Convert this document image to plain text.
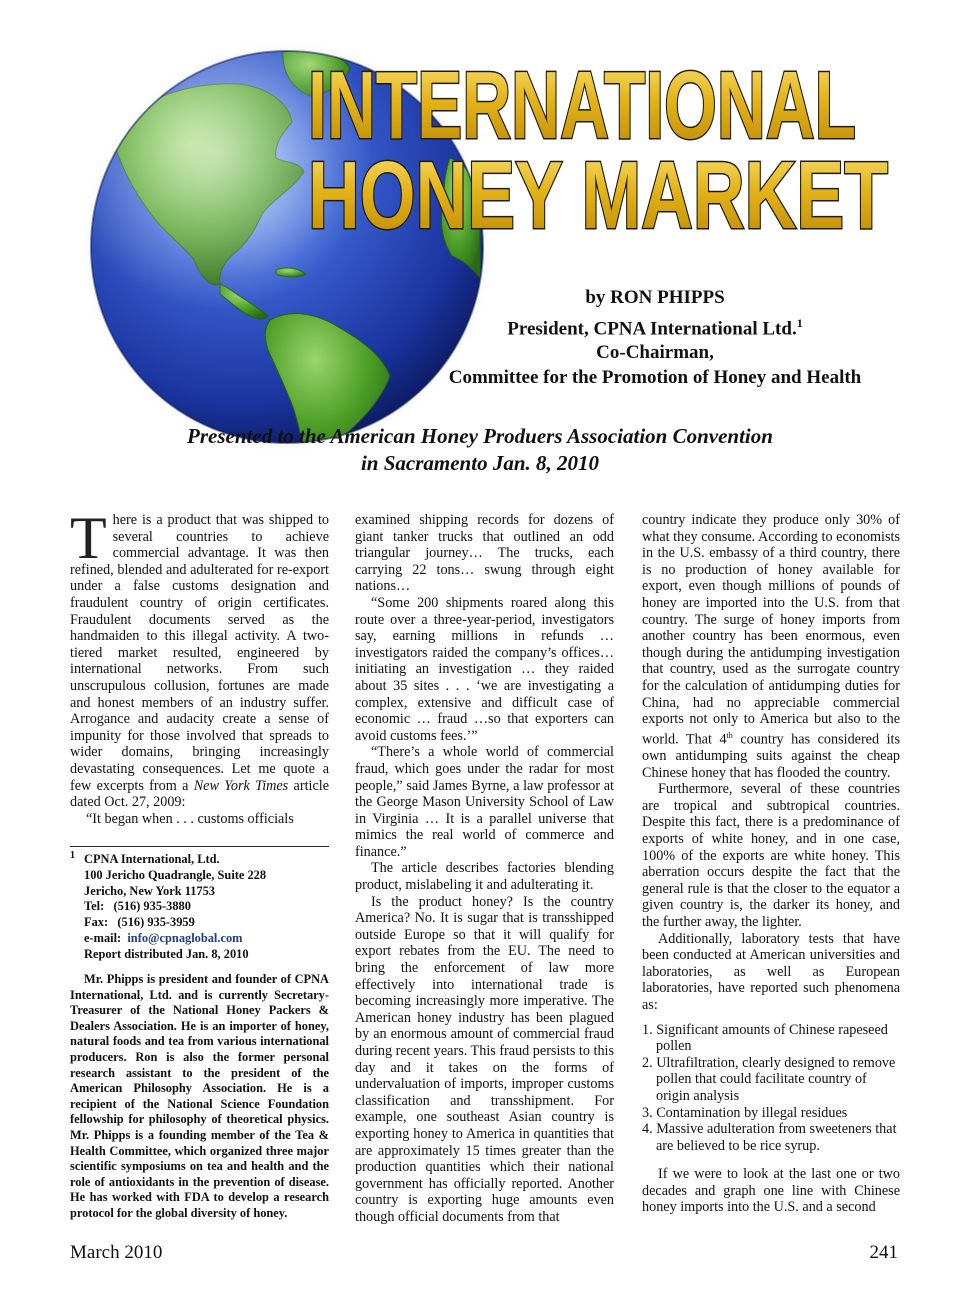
INTERNATIONAL
HONEY MARKET
by RON PHIPPS
President, CPNA International Ltd.$^1$
Co-Chairman,
Committee for the Promotion of Honey and Health
Presented to the American Honey Produers Association Convention
in Sacramento Jan. 8, 2010

There is a product that was shipped to several countries to achieve commercial advantage. It was then refined, blended and adulterated for re-export under a false customs designation and fraudulent country of origin certificates. Fraudulent documents served as the handmaiden to this illegal activity. A two-tiered market resulted, engineered by international networks. From such unscrupulous collusion, fortunes are made and honest members of an industry suffer. Arrogance and audacity create a sense of impunity for those involved that spreads to wider domains, bringing increasingly devastating consequences. Let me quote a few excerpts from a New York Times article dated Oct. 27, 2009:

“It began when . . . customs officials

1 CPNA International, Ltd.
100 Jericho Quadrangle, Suite 228
Jericho, New York 11753
Tel: (516) 935-3880
Fax: (516) 935-3959
e-mail: info@cpnaglobal.com
Report distributed Jan. 8, 2010

Mr. Phipps is president and founder of CPNA International, Ltd. and is currently Secretary-Treasurer of the National Honey Packers & Dealers Association. He is an importer of honey, natural foods and tea from various international producers. Ron is also the former personal research assistant to the president of the American Philosophy Association. He is a recipient of the National Science Foundation fellowship for philosophy of theoretical physics. Mr. Phipps is a founding member of the Tea & Health Committee, which organized three major scientific symposiums on tea and health and the role of antioxidants in the prevention of disease. He has worked with FDA to develop a research protocol for the global diversity of honey.

examined shipping records for dozens of giant tanker trucks that outlined an odd triangular journey… The trucks, each carrying 22 tons… swung through eight nations…

“Some 200 shipments roared along this route over a three-year-period, investigators say, earning millions in refunds …investigators raided the company’s offices… initiating an investigation … they raided about 35 sites . . . ‘we are investigating a complex, extensive and difficult case of economic … fraud …so that exporters can avoid customs fees.’”

“There’s a whole world of commercial fraud, which goes under the radar for most people,” said James Byrne, a law professor at the George Mason University School of Law in Virginia … It is a parallel universe that mimics the real world of commerce and finance.”

The article describes factories blending product, mislabeling it and adulterating it.

Is the product honey? Is the country America? No. It is sugar that is transshipped outside Europe so that it will qualify for export rebates from the EU. The need to bring the enforcement of law more effectively into international trade is becoming increasingly more imperative. The American honey industry has been plagued by an enormous amount of commercial fraud during recent years. This fraud persists to this day and it takes on the forms of undervaluation of imports, improper customs classification and transshipment. For example, one southeast Asian country is exporting honey to America in quantities that are approximately 15 times greater than the production quantities which their national government has officially reported. Another country is exporting huge amounts even though official documents from that

country indicate they produce only 30% of what they consume. According to economists in the U.S. embassy of a third country, there is no production of honey available for export, even though millions of pounds of honey are imported into the U.S. from that country. The surge of honey imports from another country has been enormous, even though during the antidumping investigation that country, used as the surrogate country for the calculation of antidumping duties for China, had no appreciable commercial exports not only to America but also to the world. That 4th country has considered its own antidumping suits against the cheap Chinese honey that has flooded the country.

Furthermore, several of these countries are tropical and subtropical countries. Despite this fact, there is a predominance of exports of white honey, and in one case, 100% of the exports are white honey. This aberration occurs despite the fact that the general rule is that the closer to the equator a given country is, the darker its honey, and the further away, the lighter.

Additionally, laboratory tests that have been conducted at American universities and laboratories, as well as European laboratories, have reported such phenomena as:

1. Significant amounts of Chinese rapeseed pollen
2. Ultrafiltration, clearly designed to remove pollen that could facilitate country of origin analysis
3. Contamination by illegal residues
4. Massive adulteration from sweeteners that are believed to be rice syrup.

If we were to look at the last one or two decades and graph one line with Chinese honey imports into the U.S. and a second

March 2010	241
